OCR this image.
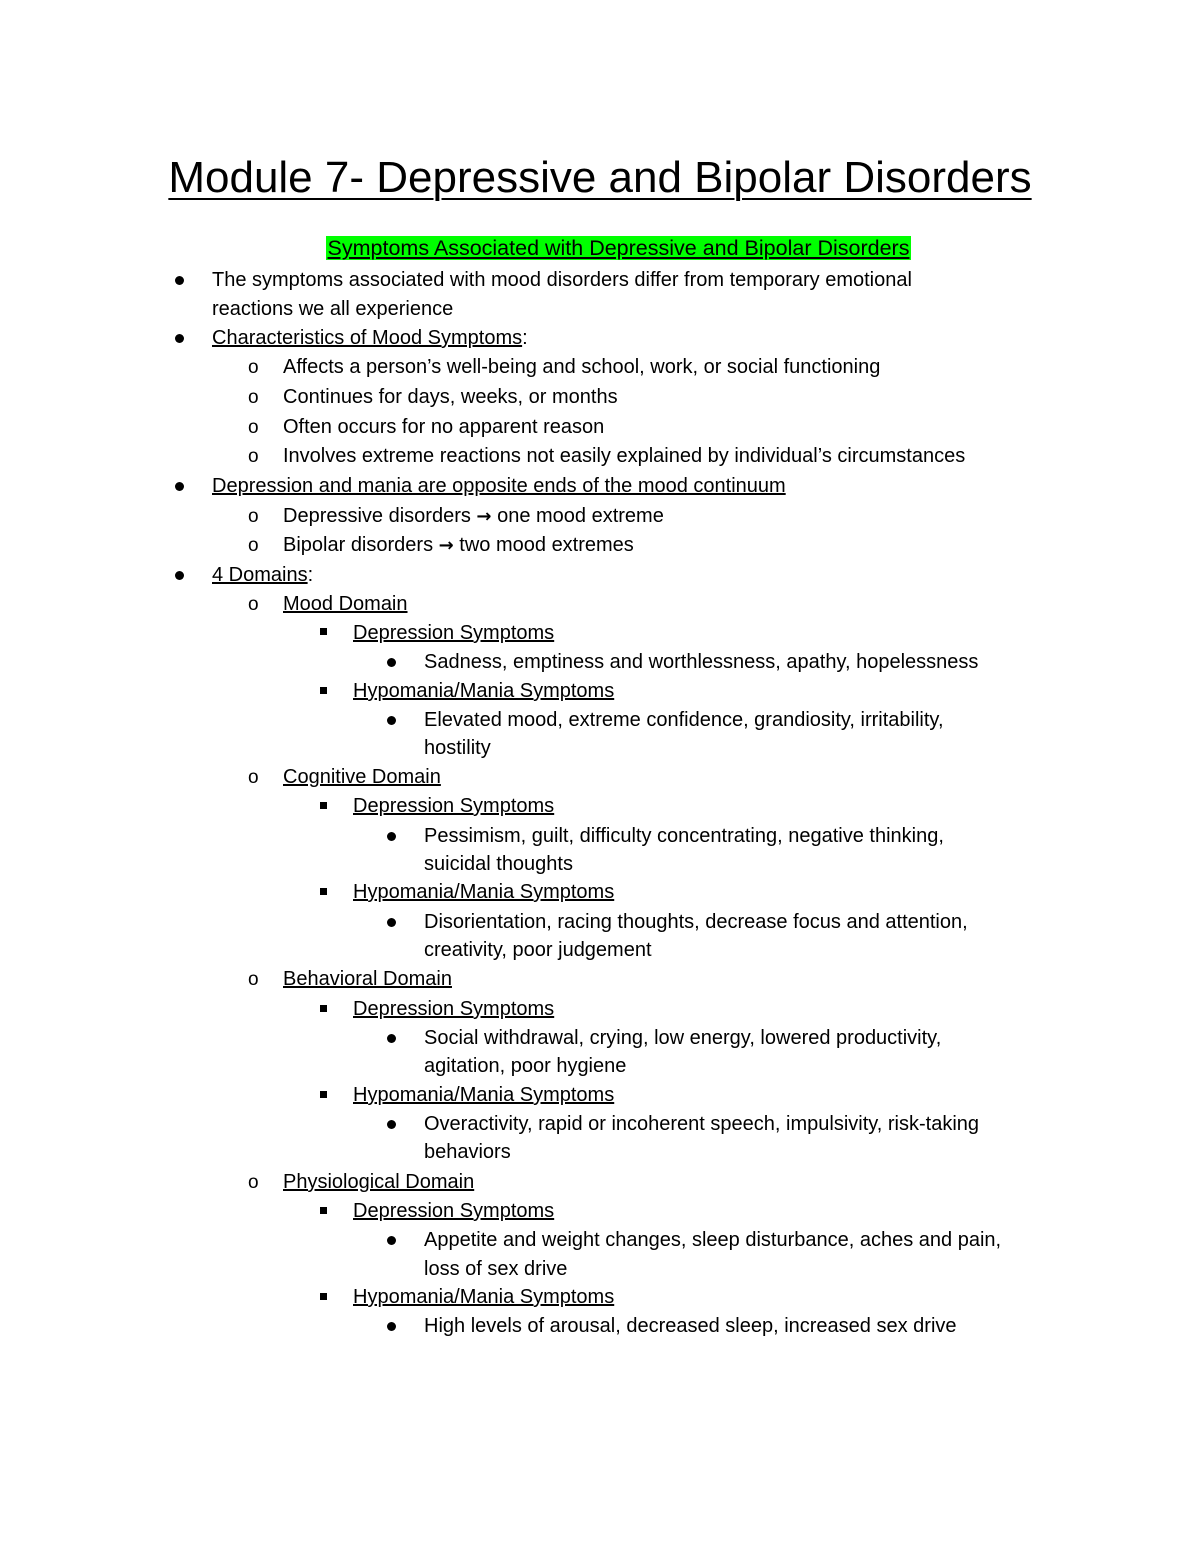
Module 7- Depressive and Bipolar Disorders
Symptoms Associated with Depressive and Bipolar Disorders
The symptoms associated with mood disorders differ from temporary emotional
reactions we all experience
Characteristics of Mood Symptoms:
o Affects a person’s well-being and school, work, or social functioning
o Continues for days, weeks, or months
o Often occurs for no apparent reason
o Involves extreme reactions not easily explained by individual’s circumstances
Depression and mania are opposite ends of the mood continuum
o Depressive disorders → one mood extreme
o Bipolar disorders → two mood extremes
4 Domains:
o Mood Domain
Depression Symptoms
Sadness, emptiness and worthlessness, apathy, hopelessness
Hypomania/Mania Symptoms
Elevated mood, extreme confidence, grandiosity, irritability,
hostility
o Cognitive Domain
Depression Symptoms
Pessimism, guilt, difficulty concentrating, negative thinking,
suicidal thoughts
Hypomania/Mania Symptoms
Disorientation, racing thoughts, decrease focus and attention,
creativity, poor judgement
o Behavioral Domain
Depression Symptoms
Social withdrawal, crying, low energy, lowered productivity,
agitation, poor hygiene
Hypomania/Mania Symptoms
Overactivity, rapid or incoherent speech, impulsivity, risk-taking
behaviors
o Physiological Domain
Depression Symptoms
Appetite and weight changes, sleep disturbance, aches and pain,
loss of sex drive
Hypomania/Mania Symptoms
High levels of arousal, decreased sleep, increased sex drive
